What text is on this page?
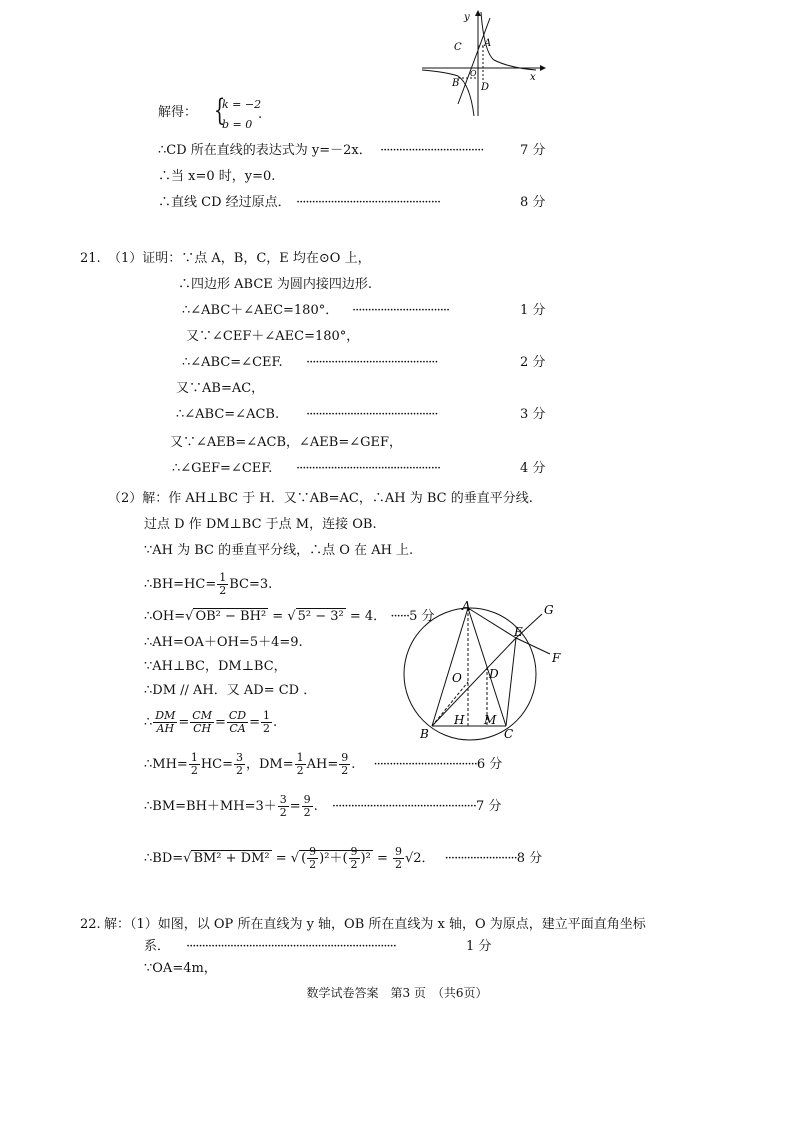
y
x
C A
B D
O
解得： {
k = −2
b = 0
.
∴CD 所在直线的表达式为 y=－2x． ·································	7 分
∴当 x=0 时，y=0.
∴直线 CD 经过原点． ··············································	8 分
21. （1）证明：∵点 A，B，C，E 均在⊙O 上，
∴四边形 ABCE 为圆内接四边形.
∴∠ABC＋∠AEC=180°． ·······························	1 分
又∵∠CEF＋∠AEC=180°，
∴∠ABC=∠CEF. ··········································	2 分
又∵AB=AC，
∴∠ABC=∠ACB. ··········································	3 分
又∵∠AEB=∠ACB，∠AEB=∠GEF，
∴∠GEF=∠CEF. ··············································	4 分
（2）解：作 AH⊥BC 于 H．又∵AB=AC，∴AH 为 BC 的垂直平分线.
过点 D 作 DM⊥BC 于点 M，连接 OB.
∵AH 为 BC 的垂直平分线，∴点 O 在 AH 上.
∴BH=HC= $\frac{1}{2} BC=3$.
∴OH=√ OB² − BH² = √ 5² − 3² = 4． ······5 分
∴AH=OA＋OH=5＋4=9.
∵AH⊥BC，DM⊥BC，
∴DM // AH．又 AD= CD ．
∴ $\frac{DM}{AH} = \frac{CM}{CH} = \frac{CD}{CA} = \frac{1}{2}$ .
∴MH= $\frac{1}{2} HC= \frac{3}{2}$ ，$DM= \frac{1}{2} AH= \frac{9}{2}$ . ·································6 分
∴BM=BH＋MH=3＋ $\frac{3}{2} = \frac{9}{2}$ . ··············································7 分
∴BD=√ BM² + DM² = √ ( $\frac{9}{2} )^2+( \frac{9}{2} )^2 = \frac{9}{2} √2$． ·······················8 分
A	G
E
F
O D
B
H M
C
22. 解：（1）如图，以 OP 所在直线为 y 轴，OB 所在直线为 x 轴，O 为原点，建立平面直角坐标
系． ···································································	1 分
∵OA=4m，
数学试卷答案　第3 页　（共6页）
